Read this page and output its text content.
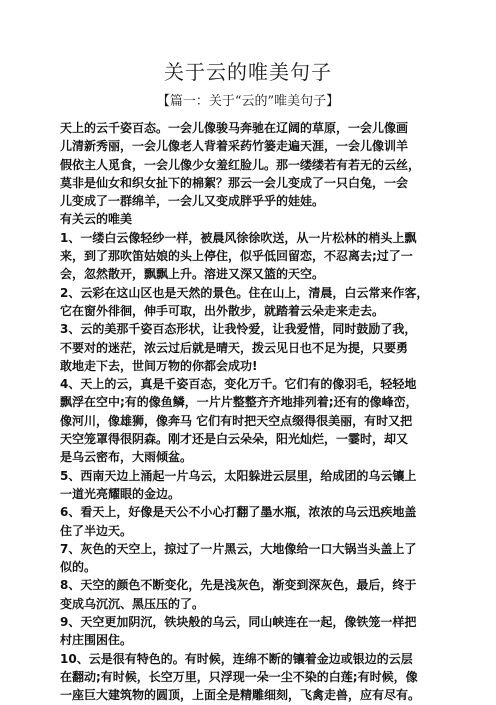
关于云的唯美句子
【篇一：关于“云的”唯美句子】
天上的云千姿百态。一会儿像骏马奔驰在辽阔的草原，一会儿像画
儿清新秀丽，一会儿像老人背着采药竹篓走遍天涯，一会儿像训羊
假依主人觅食，一会儿像少女羞红脸儿。那一缕缕若有若无的云丝，
莫非是仙女和织女扯下的棉絮？那云一会儿变成了一只白兔，一会
儿变成了一群绵羊，一会儿又变成胖乎乎的娃娃。
有关云的唯美
1、一缕白云像轻纱一样，被晨风徐徐吹送，从一片松林的梢头上飘
来，到了那吹笛姑娘的头上停住，似乎低回留恋，不忍离去;过了一
会，忽然散开，飘飘上升。溶进又深又篮的天空。
2、云彩在这山区也是天然的景色。住在山上，清晨，白云常来作客，
它在窗外徘徊，伸手可取，出外散步，就踏着云朵走来走去。
3、云的美那千姿百态形状，让我怜爱，让我爱惜，同时鼓励了我，
不要对的迷茫，浓云过后就是晴天，拨云见日也不足为提，只要勇
敢地走下去，世间万物的你都会成功!
4、天上的云，真是千姿百态，变化万千。它们有的像羽毛，轻轻地
飘浮在空中;有的像鱼鳞，一片片整整齐齐地排列着;还有的像峰峦，
像河川，像雄狮，像奔马 它们有时把天空点缀得很美丽，有时又把
天空笼罩得很阴森。刚才还是白云朵朵，阳光灿烂，一霎时，却又
是乌云密布，大雨倾盆。
5、西南天边上涌起一片乌云，太阳躲进云层里，给成团的乌云镶上
一道光亮耀眼的金边。
6、看天上，好像是天公不小心打翻了墨水瓶，浓浓的乌云迅疾地盖
住了半边天。
7、灰色的天空上，掠过了一片黑云，大地像给一口大锅当头盖上了
似的。
8、天空的颜色不断变化，先是浅灰色，渐变到深灰色，最后，终于
变成乌沉沉、黑压压的了。
9、天空更加阴沉，铁块般的乌云，同山峡连在一起，像铁笼一样把
村庄围困住。
10、云是很有特色的。有时候，连绵不断的镶着金边或银边的云层
在翻动;有时候，长空万里，只浮现一朵一尘不染的白莲;有时候，像
一座巨大建筑物的圆顶，上面全是精雕细刻，飞禽走兽，应有尽有。
